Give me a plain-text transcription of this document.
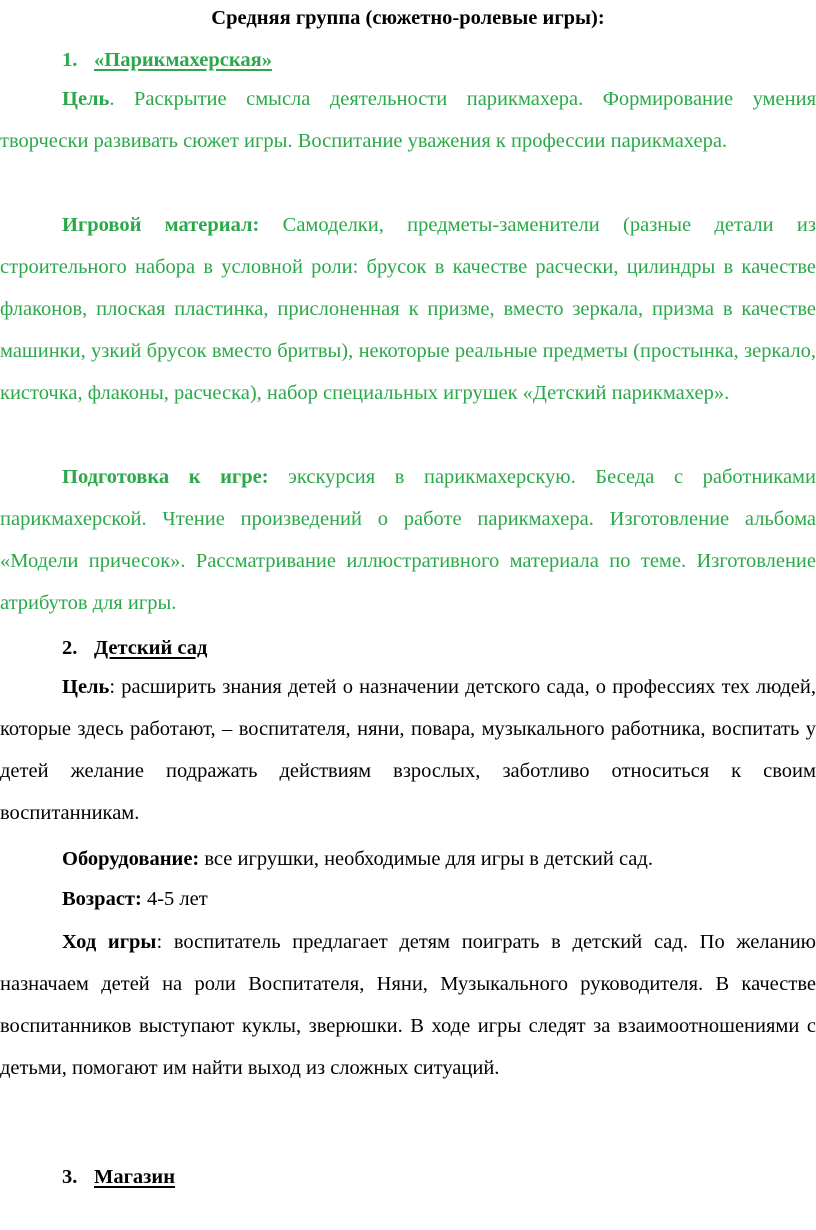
Средняя группа (сюжетно-ролевые игры):
1. «Парикмахерская»

Цель. Раскрытие смысла деятельности парикмахера. Формирование умения творчески развивать сюжет игры. Воспитание уважения к профессии парикмахера.

Игровой материал: Самоделки, предметы-заменители (разные детали из строительного набора в условной роли: брусок в качестве расчески, цилиндры в качестве флаконов, плоская пластинка, прислоненная к призме, вместо зеркала, призма в качестве машинки, узкий брусок вместо бритвы), некоторые реальные предметы (простынка, зеркало, кисточка, флаконы, расческа), набор специальных игрушек «Детский парикмахер».

Подготовка к игре: экскурсия в парикмахерскую. Беседа с работниками парикмахерской. Чтение произведений о работе парикмахера. Изготовление альбома «Модели причесок». Рассматривание иллюстративного материала по теме. Изготовление атрибутов для игры.

2. Детский сад

Цель: расширить знания детей о назначении детского сада, о профессиях тех людей, которые здесь работают, – воспитателя, няни, повара, музыкального работника, воспитать у детей желание подражать действиям взрослых, заботливо относиться к своим воспитанникам.

Оборудование: все игрушки, необходимые для игры в детский сад.
Возраст: 4-5 лет

Ход игры: воспитатель предлагает детям поиграть в детский сад. По желанию назначаем детей на роли Воспитателя, Няни, Музыкального руководителя. В качестве воспитанников выступают куклы, зверюшки. В ходе игры следят за взаимоотношениями с детьми, помогают им найти выход из сложных ситуаций.

3. Магазин
